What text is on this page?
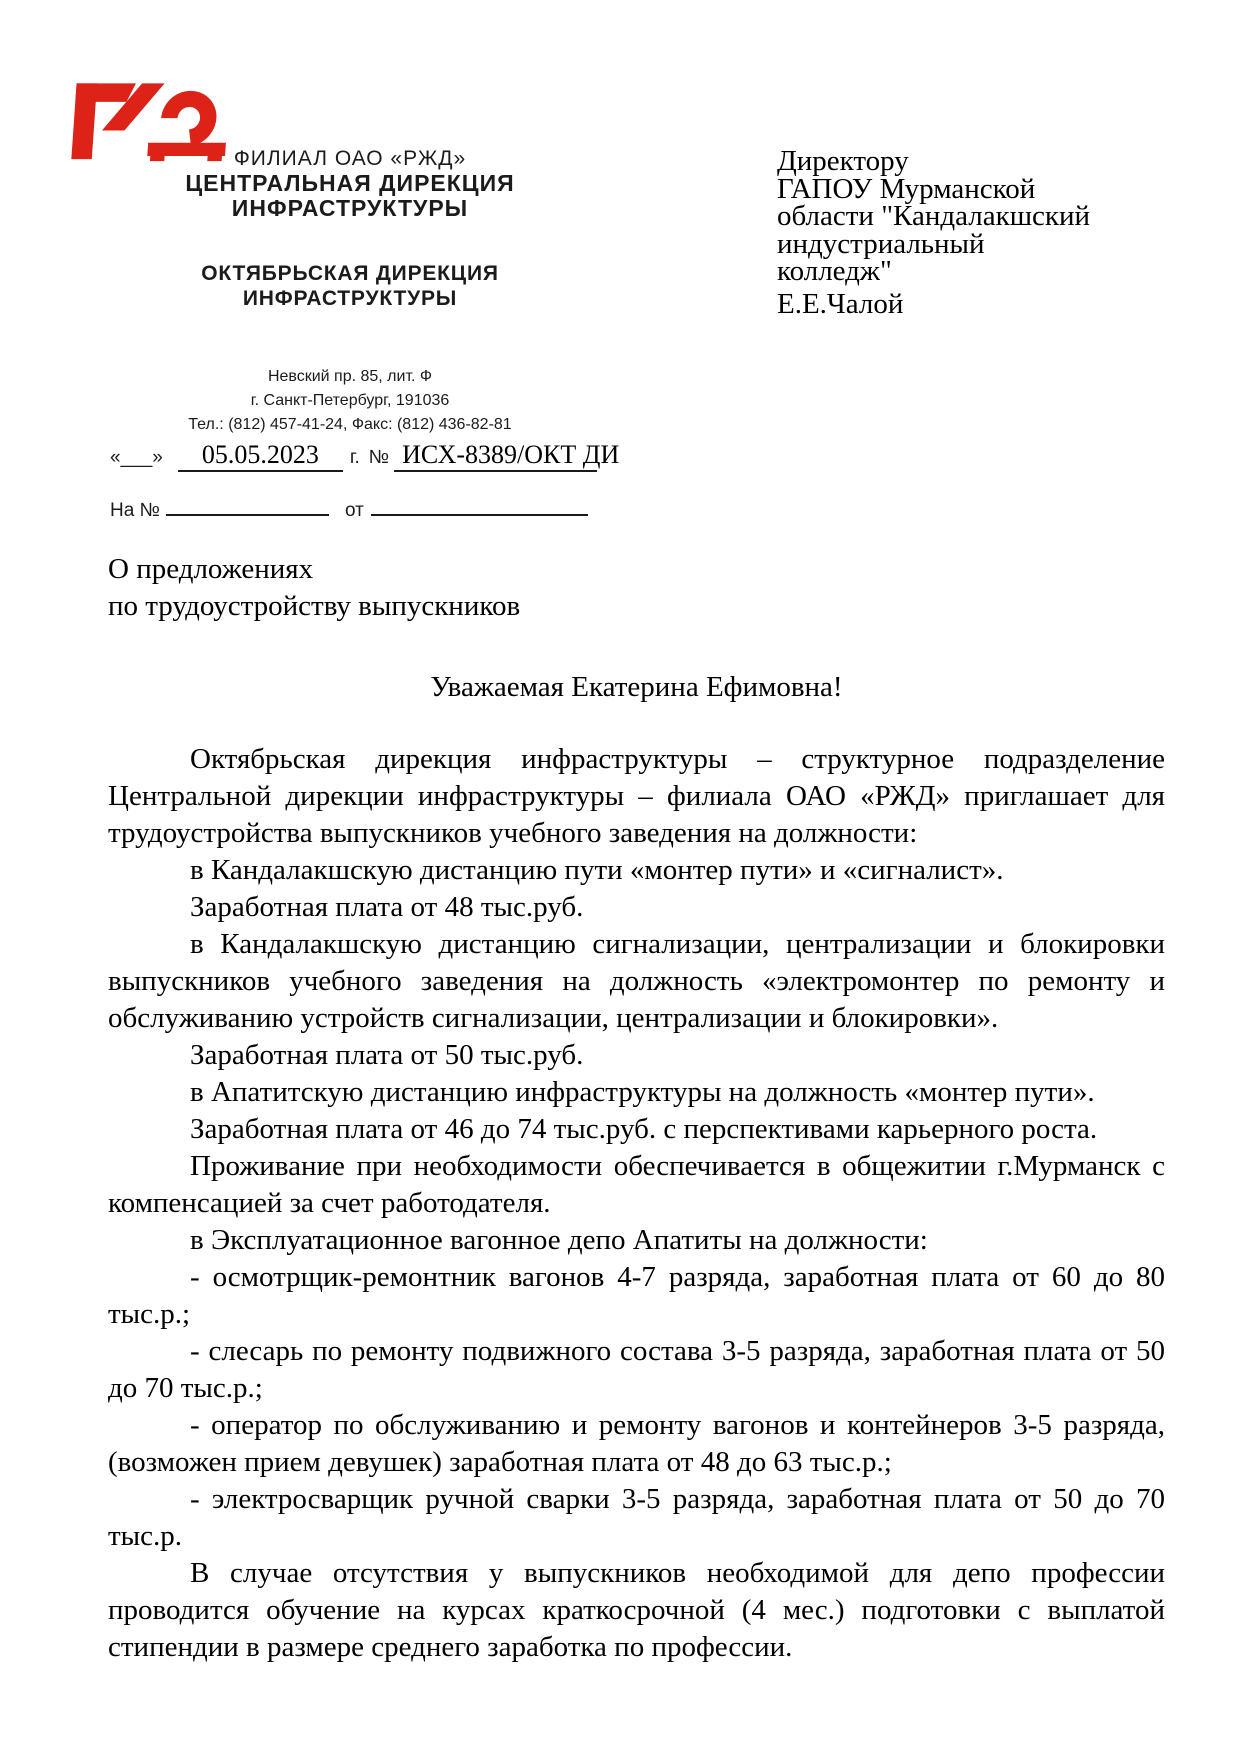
ФИЛИАЛ ОАО «РЖД»
ЦЕНТРАЛЬНАЯ ДИРЕКЦИЯ
ИНФРАСТРУКТУРЫ
ОКТЯБРЬСКАЯ ДИРЕКЦИЯ
ИНФРАСТРУКТУРЫ
Директору
ГАПОУ Мурманской
области "Кандалакшский
индустриальный
колледж"
Е.Е.Чалой
Невский пр. 85, лит. Ф
г. Санкт-Петербург, 191036
Тел.: (812) 457-41-24, Факс: (812) 436-82-81
«___»	05.05.2023	г. № ИСХ-8389/ОКТ ДИ
На №	от
О предложениях
по трудоустройству выпускников
Уважаемая Екатерина Ефимовна!

Октябрьская дирекция инфраструктуры – структурное подразделение Центральной дирекции инфраструктуры – филиала ОАО «РЖД» приглашает для трудоустройства выпускников учебного заведения на должности:

в Кандалакшскую дистанцию пути «монтер пути» и «сигналист».

Заработная плата от 48 тыс.руб.

в Кандалакшскую дистанцию сигнализации, централизации и блокировки выпускников учебного заведения на должность «электромонтер по ремонту и обслуживанию устройств сигнализации, централизации и блокировки».

Заработная плата от 50 тыс.руб.

в Апатитскую дистанцию инфраструктуры на должность «монтер пути».

Заработная плата от 46 до 74 тыс.руб. с перспективами карьерного роста.

Проживание при необходимости обеспечивается в общежитии г.Мурманск с компенсацией за счет работодателя.

в Эксплуатационное вагонное депо Апатиты на должности:

- осмотрщик-ремонтник вагонов 4-7 разряда, заработная плата от 60 до 80 тыс.р.;

- слесарь по ремонту подвижного состава 3-5 разряда, заработная плата от 50 до 70 тыс.р.;

- оператор по обслуживанию и ремонту вагонов и контейнеров 3-5 разряда, (возможен прием девушек) заработная плата от 48 до 63 тыс.р.;

- электросварщик ручной сварки 3-5 разряда, заработная плата от 50 до 70 тыс.р.

В случае отсутствия у выпускников необходимой для депо профессии проводится обучение на курсах краткосрочной (4 мес.) подготовки с выплатой стипендии в размере среднего заработка по профессии.
